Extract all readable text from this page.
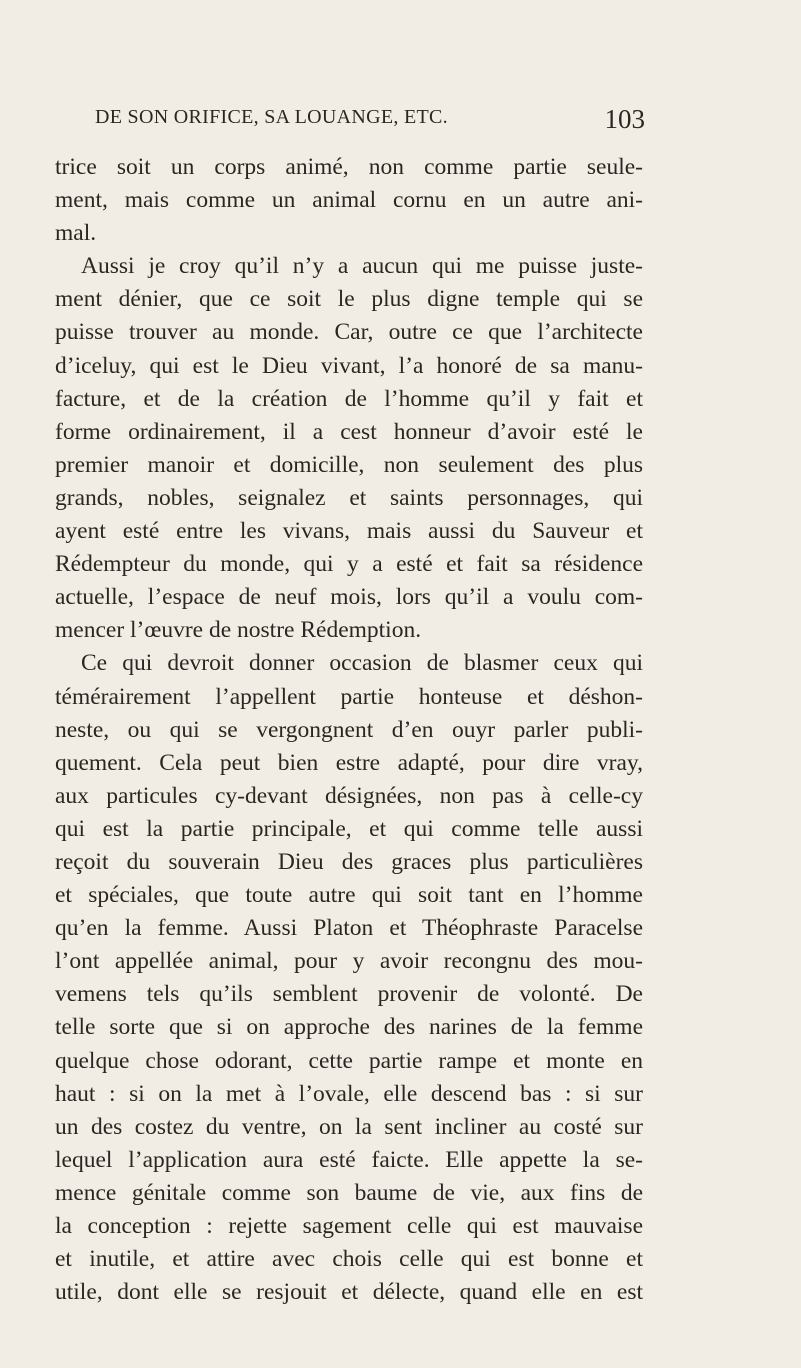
DE SON ORIFICE, SA LOUANGE, ETC.	103
trice soit un corps animé, non comme partie seule-
ment, mais comme un animal cornu en un autre ani-
mal.
Aussi je croy qu’il n’y a aucun qui me puisse juste-
ment dénier, que ce soit le plus digne temple qui se
puisse trouver au monde. Car, outre ce que l’architecte
d’iceluy, qui est le Dieu vivant, l’a honoré de sa manu-
facture, et de la création de l’homme qu’il y fait et
forme ordinairement, il a cest honneur d’avoir esté le
premier manoir et domicille, non seulement des plus
grands, nobles, seignalez et saints personnages, qui
ayent esté entre les vivans, mais aussi du Sauveur et
Rédempteur du monde, qui y a esté et fait sa résidence
actuelle, l’espace de neuf mois, lors qu’il a voulu com-
mencer l’œuvre de nostre Rédemption.
Ce qui devroit donner occasion de blasmer ceux qui
témérairement l’appellent partie honteuse et déshon-
neste, ou qui se vergongnent d’en ouyr parler publi-
quement. Cela peut bien estre adapté, pour dire vray,
aux particules cy-devant désignées, non pas à celle-cy
qui est la partie principale, et qui comme telle aussi
reçoit du souverain Dieu des graces plus particulières
et spéciales, que toute autre qui soit tant en l’homme
qu’en la femme. Aussi Platon et Théophraste Paracelse
l’ont appellée animal, pour y avoir recongnu des mou-
vemens tels qu’ils semblent provenir de volonté. De
telle sorte que si on approche des narines de la femme
quelque chose odorant, cette partie rampe et monte en
haut : si on la met à l’ovale, elle descend bas : si sur
un des costez du ventre, on la sent incliner au costé sur
lequel l’application aura esté faicte. Elle appette la se-
mence génitale comme son baume de vie, aux fins de
la conception : rejette sagement celle qui est mauvaise
et inutile, et attire avec chois celle qui est bonne et
utile, dont elle se resjouit et délecte, quand elle en est
